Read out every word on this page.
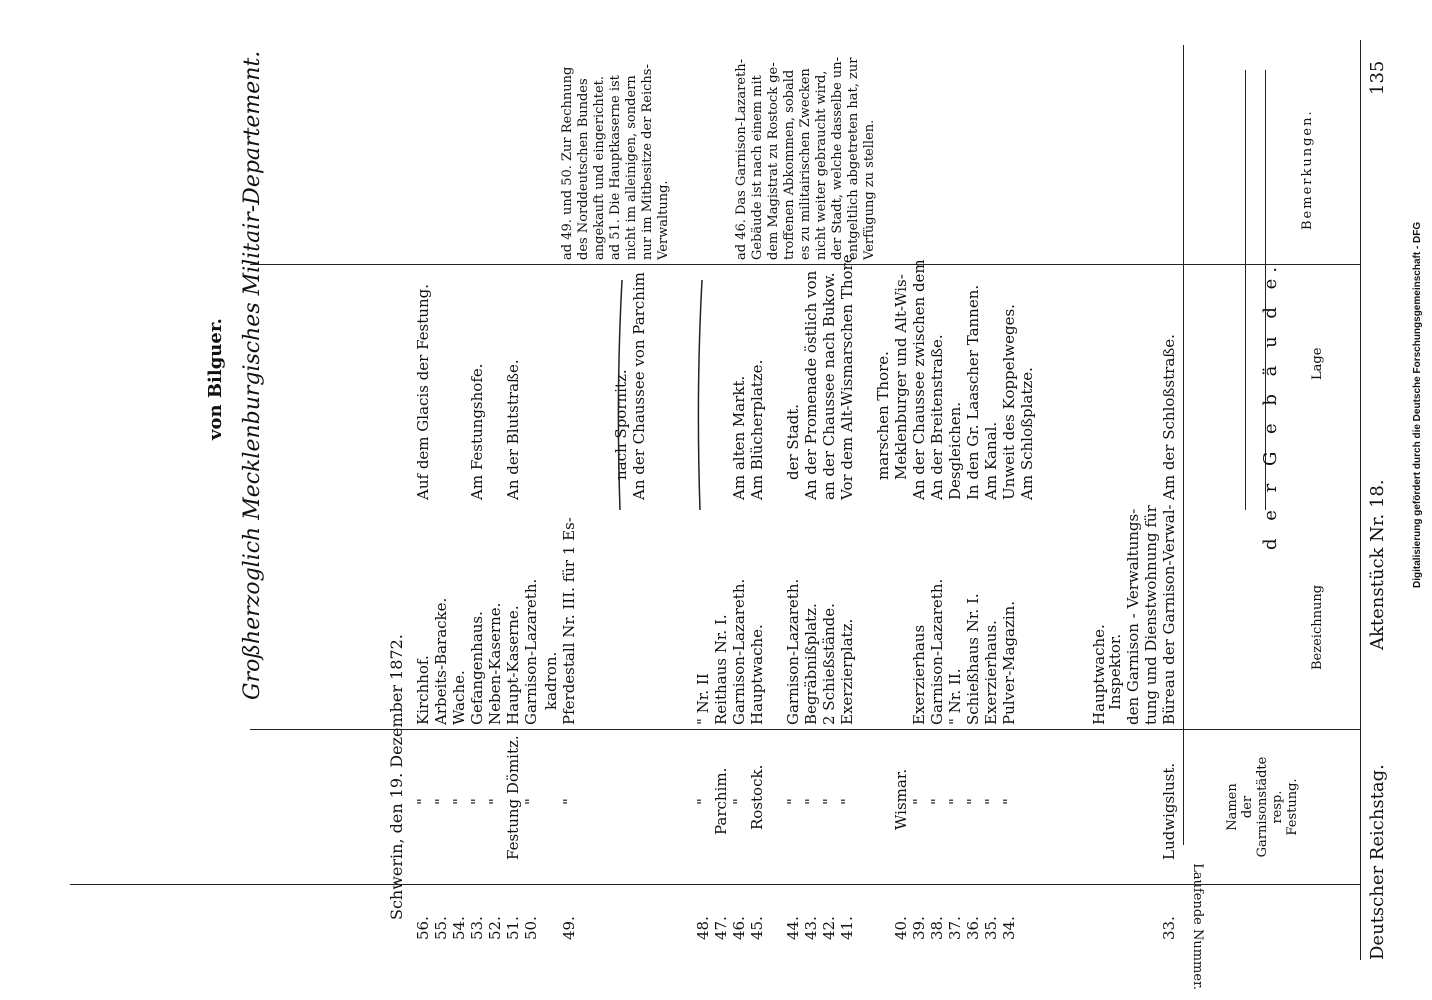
Deutscher Reichstag.
Aktenstück Nr. 18.
135
Laufende Nummer.
Namen der Garnisonstädte resp. Festung.
Bezeichnung
Lage
d e r G e b ä u d e.
Bemerkungen.
33.
34.
35.
36.
37.
38.
39.
40.
41.
42.
43.
44.
45.
46.
47.
48.
49.
50.
51.
52.
53.
54.
55.
56.
Ludwigslust.
"
"
"
"
"
"
Wismar.
"
"
"
"
Rostock.
"
Parchim.
"
"
"
Festung Dömitz.
"
"
"
"
"
Büreau der Garnison-Verwal-
tung und Dienstwohnung für
den Garnison - Verwaltungs-
Inspektor.
Hauptwache.
Pulver-Magazin.
Exerzierhaus.
Schießhaus Nr. I.
" Nr. II.
Garnison-Lazareth.
Exerzierhaus
Exerzierplatz.
2 Schießstände.
Begräbnißplatz.
Garnison-Lazareth.
Hauptwache.
Garnison-Lazareth.
Reithaus Nr. I.
" Nr. II
Pferdestall Nr. III. für 1 Es-
kadron.
Garnison-Lazareth.
Haupt-Kaserne.
Neben-Kaserne.
Gefangenhaus.
Wache.
Arbeits-Baracke.
Kirchhof.
Am der Schloßstraße.
Am Schloßplatze.
Unweit des Koppelweges.
Am Kanal.
In den Gr. Laascher Tannen.
Desgleichen.
An der Breitenstraße.
An der Chaussee zwischen dem
Meklenburger und Alt-Wis-
marschen Thore.
Vor dem Alt-Wismarschen Thore
an der Chaussee nach Bukow.
An der Promenade östlich von
der Stadt.
Am Blücherplatze.
Am alten Markt.
An der Chaussee von Parchim
nach Spornitz.
An der Blutstraße.
Am Festungshofe.
Auf dem Glacis der Festung.
ad 46. Das Garnison-Lazareth- Gebäude ist nach einem mit dem Magistrat zu Rostock ge- troffenen Abkommen, sobald es zu militairischen Zwecken nicht weiter gebraucht wird, der Stadt, welche dasselbe un- entgeltlich abgetreten hat, zur Verfügung zu stellen.
ad 49. und 50. Zur Rechnung des Norddeutschen Bundes angekauft und eingerichtet. ad 51. Die Hauptkaserne ist nicht im alleinigen, sondern nur im Mitbesitze der Reichs- Verwaltung.
Schwerin, den 19. Dezember 1872.
Großherzoglich Mecklenburgisches Militair-Departement.
von Bilguer.	Digitalisierung gefördert durch die Deutsche Forschungsgemeinschaft - DFG
